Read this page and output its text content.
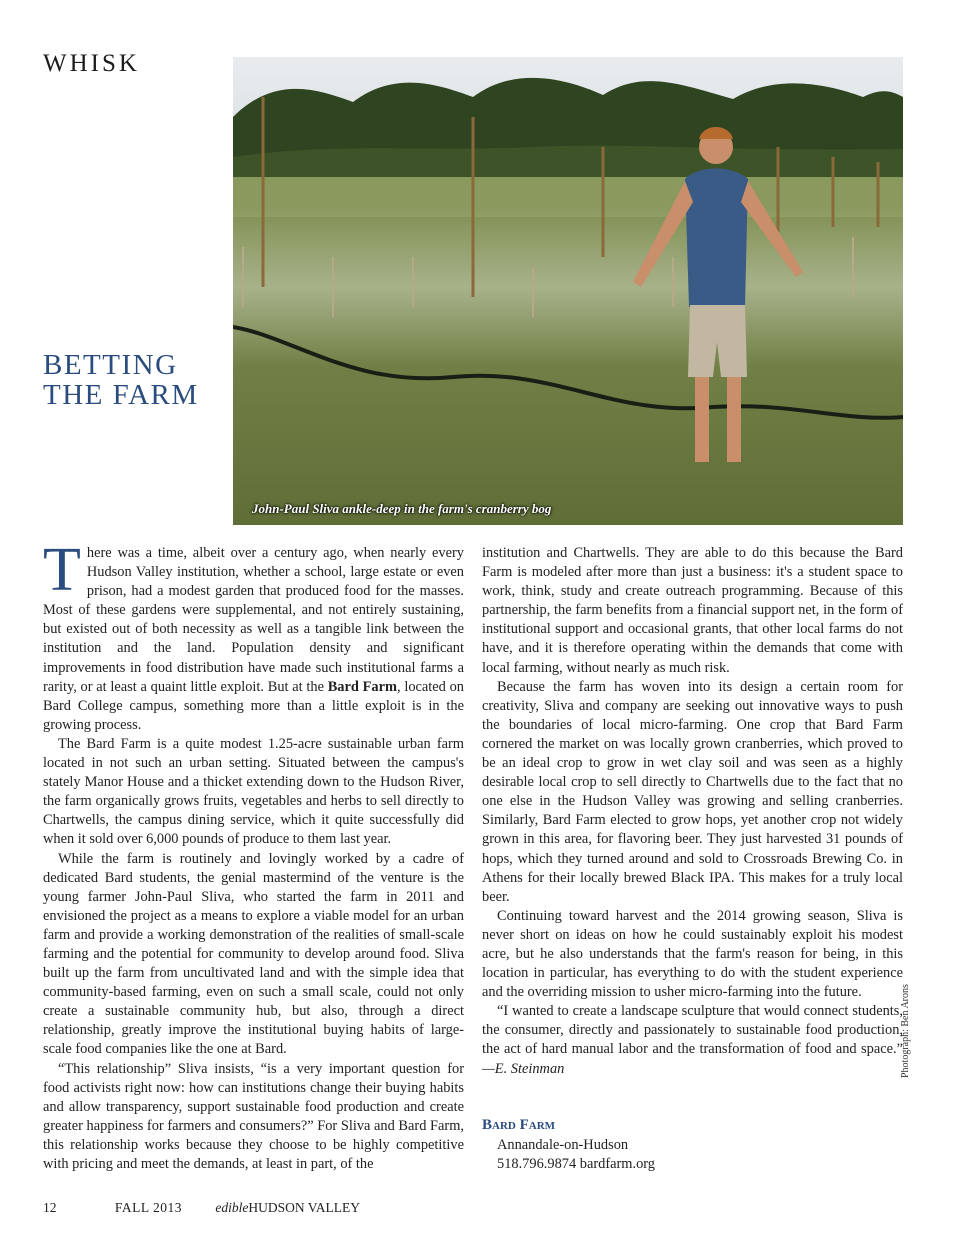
WHISK
BETTING
THE FARM
John-Paul Sliva ankle-deep in the farm's cranberry bog
Photograph: Ben Arons

There was a time, albeit over a century ago, when nearly every Hudson Valley institution, whether a school, large estate or even prison, had a modest garden that produced food for the masses. Most of these gardens were supplemental, and not entirely sustaining, but existed out of both necessity as well as a tangible link between the institution and the land. Population density and significant improvements in food distribution have made such institutional farms a rarity, or at least a quaint little exploit. But at the Bard Farm, located on Bard College campus, something more than a little exploit is in the growing process.

The Bard Farm is a quite modest 1.25-acre sustainable urban farm located in not such an urban setting. Situated between the campus's stately Manor House and a thicket extending down to the Hudson River, the farm organically grows fruits, vegetables and herbs to sell directly to Chartwells, the campus dining service, which it quite successfully did when it sold over 6,000 pounds of produce to them last year.

While the farm is routinely and lovingly worked by a cadre of dedicated Bard students, the genial mastermind of the venture is the young farmer John-Paul Sliva, who started the farm in 2011 and envisioned the project as a means to explore a viable model for an urban farm and provide a working demonstration of the realities of small-scale farming and the potential for community to develop around food. Sliva built up the farm from uncultivated land and with the simple idea that community-based farming, even on such a small scale, could not only create a sustainable community hub, but also, through a direct relationship, greatly improve the institutional buying habits of large-scale food companies like the one at Bard.

“This relationship” Sliva insists, “is a very important question for food activists right now: how can institutions change their buying habits and allow transparency, support sustainable food production and create greater happiness for farmers and consumers?” For Sliva and Bard Farm, this relationship works because they choose to be highly competitive with pricing and meet the demands, at least in part, of the

institution and Chartwells. They are able to do this because the Bard Farm is modeled after more than just a business: it's a student space to work, think, study and create outreach programming. Because of this partnership, the farm benefits from a financial support net, in the form of institutional support and occasional grants, that other local farms do not have, and it is therefore operating within the demands that come with local farming, without nearly as much risk.

Because the farm has woven into its design a certain room for creativity, Sliva and company are seeking out innovative ways to push the boundaries of local micro-farming. One crop that Bard Farm cornered the market on was locally grown cranberries, which proved to be an ideal crop to grow in wet clay soil and was seen as a highly desirable local crop to sell directly to Chartwells due to the fact that no one else in the Hudson Valley was growing and selling cranberries. Similarly, Bard Farm elected to grow hops, yet another crop not widely grown in this area, for flavoring beer. They just harvested 31 pounds of hops, which they turned around and sold to Crossroads Brewing Co. in Athens for their locally brewed Black IPA. This makes for a truly local beer.

Continuing toward harvest and the 2014 growing season, Sliva is never short on ideas on how he could sustainably exploit his modest acre, but he also understands that the farm's reason for being, in this location in particular, has everything to do with the student experience and the overriding mission to usher micro-farming into the future.

“I wanted to create a landscape sculpture that would connect students, the consumer, directly and passionately to sustainable food production, the act of hard manual labor and the transformation of food and space.” —E. Steinman

Bard Farm
Annandale-on-Hudson
518.796.9874 bardfarm.org
12	FALL 2013 edibleHUDSON VALLEY
